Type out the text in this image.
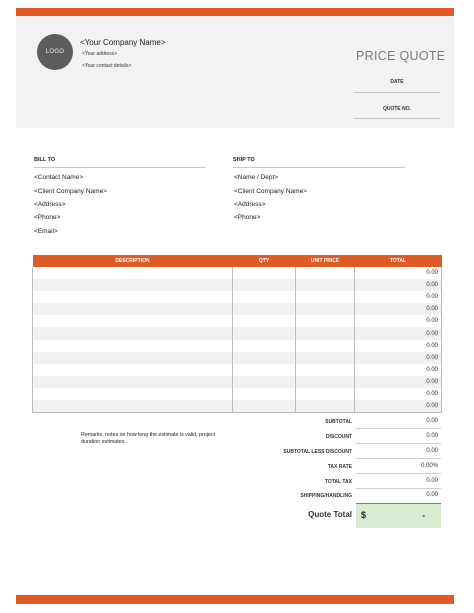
LOGO
<Your Company Name>
<Your address>
<Your contact details>
PRICE QUOTE
DATE
QUOTE NO.
BILL TO
<Contact Name>
<Client Company Name>
<Address>
<Phone>
<Email>
SHIP TO
<Name / Dept>
<Client Company Name>
<Address>
<Phone>
DESCRIPTION	QTY	UNIT PRICE	TOTAL
			0.00
			0.00
			0.00
			0.00
			0.00
			0.00
			0.00
			0.00
			0.00
			0.00
			0.00
			0.00
Remarks, notes on how long the estimate is valid, project duration estimates...
SUBTOTAL	0.00
DISCOUNT	0.00
SUBTOTAL LESS DISCOUNT	0.00
TAX RATE	0.00%
TOTAL TAX	0.00
SHIPPING/HANDLING	0.00
Quote Total $	-
